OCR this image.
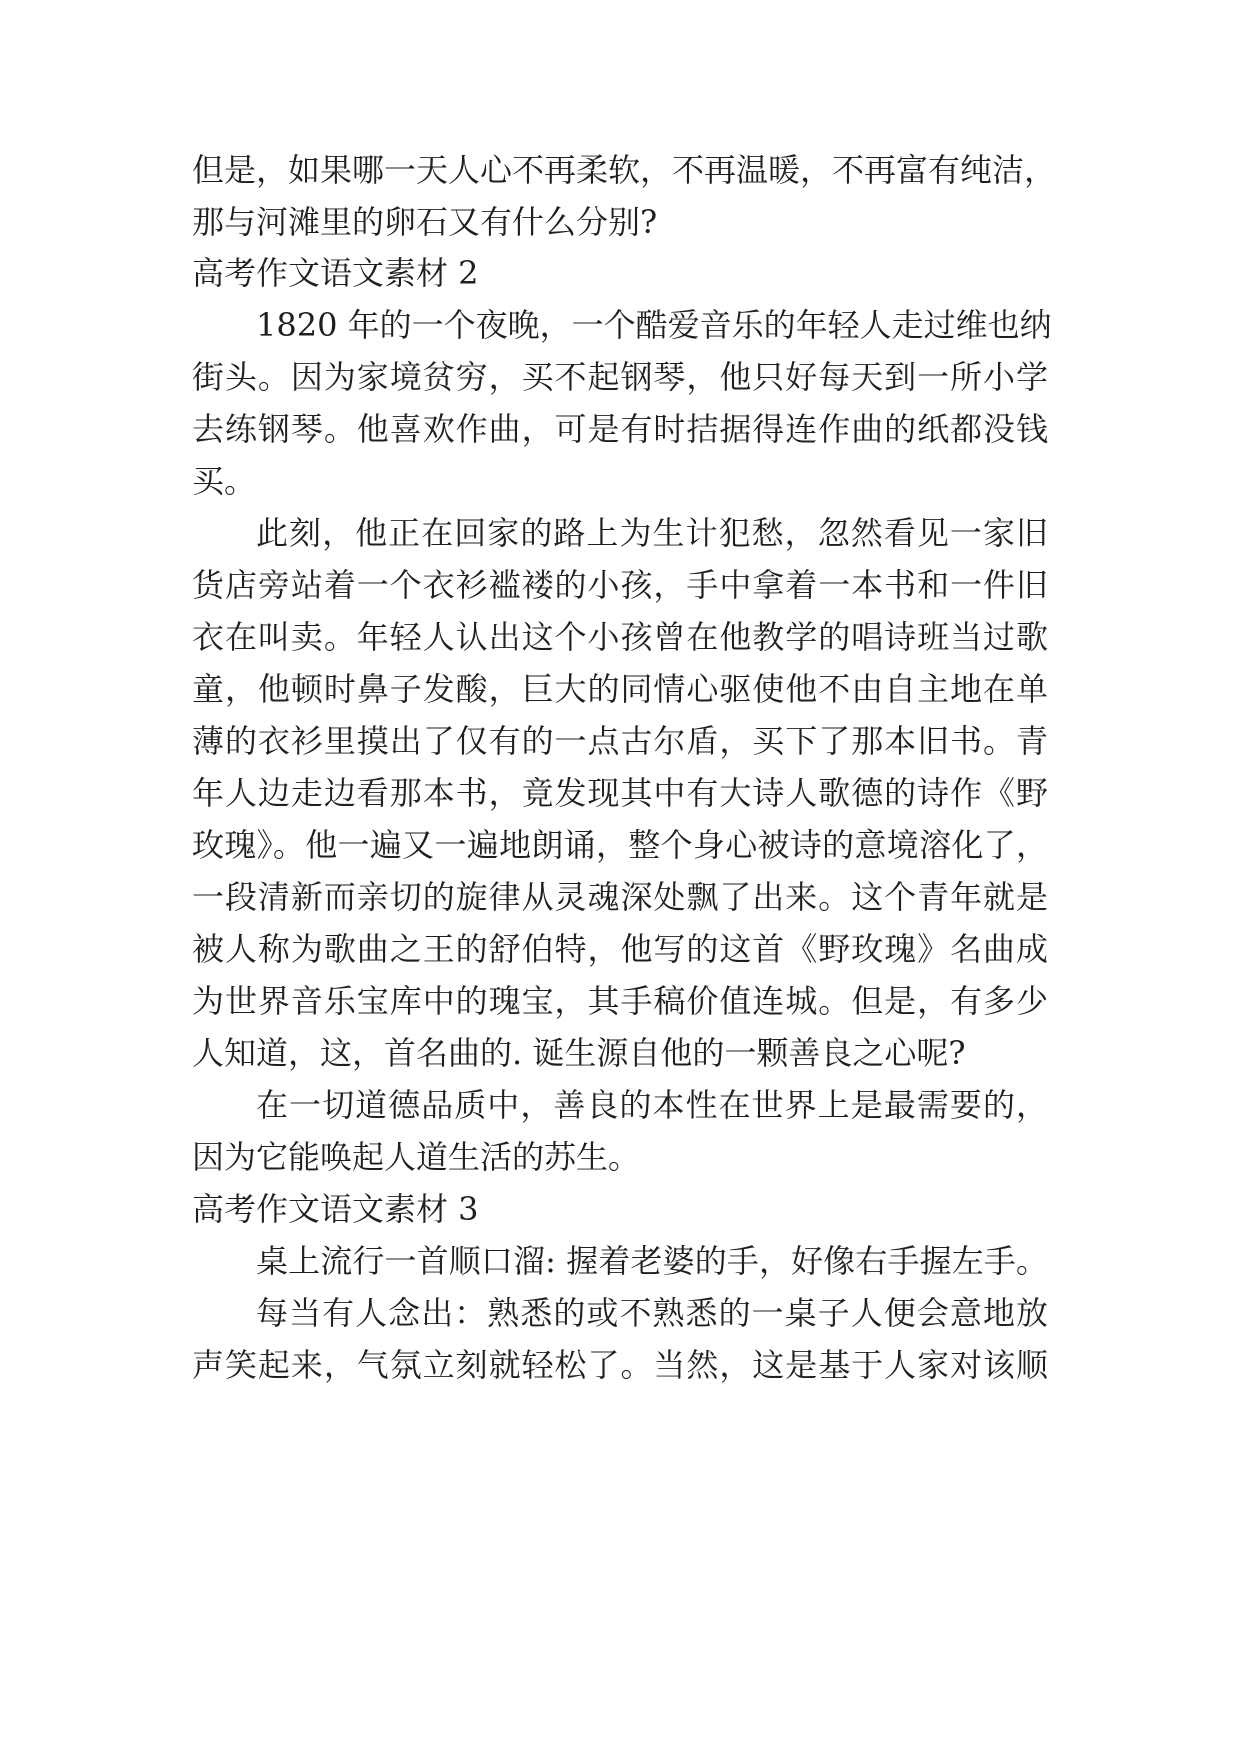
但是，如果哪一天人心不再柔软，不再温暖，不再富有纯洁，

那与河滩里的卵石又有什么分别?

高考作文语文素材 2

1820 年的一个夜晚，一个酷爱音乐的年轻人走过维也纳

街头。因为家境贫穷，买不起钢琴，他只好每天到一所小学

去练钢琴。他喜欢作曲，可是有时拮据得连作曲的纸都没钱

买。

此刻，他正在回家的路上为生计犯愁，忽然看见一家旧

货店旁站着一个衣衫褴褛的小孩，手中拿着一本书和一件旧

衣在叫卖。年轻人认出这个小孩曾在他教学的唱诗班当过歌

童，他顿时鼻子发酸，巨大的同情心驱使他不由自主地在单

薄的衣衫里摸出了仅有的一点古尔盾，买下了那本旧书。青

年人边走边看那本书，竟发现其中有大诗人歌德的诗作《野

玫瑰》。他一遍又一遍地朗诵，整个身心被诗的意境溶化了，

一段清新而亲切的旋律从灵魂深处飘了出来。这个青年就是

被人称为歌曲之王的舒伯特，他写的这首《野玫瑰》名曲成

为世界音乐宝库中的瑰宝，其手稿价值连城。但是，有多少

人知道，这，首名曲的. 诞生源自他的一颗善良之心呢?

在一切道德品质中，善良的本性在世界上是最需要的，

因为它能唤起人道生活的苏生。

高考作文语文素材 3

桌上流行一首顺口溜: 握着老婆的手，好像右手握左手。

每当有人念出：熟悉的或不熟悉的一桌子人便会意地放

声笑起来，气氛立刻就轻松了。当然，这是基于人家对该顺
